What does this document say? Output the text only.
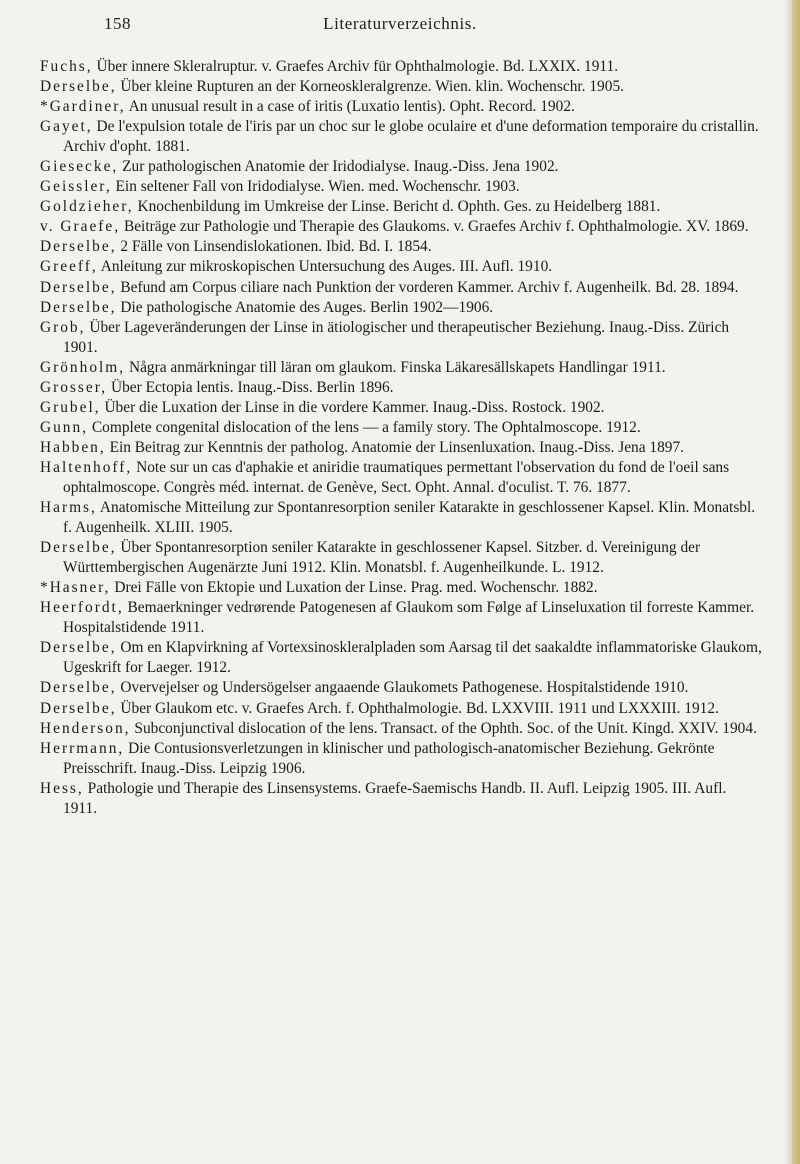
158	Literaturverzeichnis.
Fuchs, Über innere Skleralruptur. v. Graefes Archiv für Ophthalmologie. Bd. LXXIX. 1911.
Derselbe, Über kleine Rupturen an der Korneoskleralgrenze. Wien. klin. Wochenschr. 1905.
*Gardiner, An unusual result in a case of iritis (Luxatio lentis). Opht. Record. 1902.
Gayet, De l'expulsion totale de l'iris par un choc sur le globe oculaire et d'une deformation temporaire du cristallin. Archiv d'opht. 1881.
Giesecke, Zur pathologischen Anatomie der Iridodialyse. Inaug.-Diss. Jena 1902.
Geissler, Ein seltener Fall von Iridodialyse. Wien. med. Wochenschr. 1903.
Goldzieher, Knochenbildung im Umkreise der Linse. Bericht d. Ophth. Ges. zu Heidelberg 1881.
v. Graefe, Beiträge zur Pathologie und Therapie des Glaukoms. v. Graefes Archiv f. Ophthalmologie. XV. 1869.
Derselbe, 2 Fälle von Linsendislokationen. Ibid. Bd. I. 1854.
Greeff, Anleitung zur mikroskopischen Untersuchung des Auges. III. Aufl. 1910.
Derselbe, Befund am Corpus ciliare nach Punktion der vorderen Kammer. Archiv f. Augenheilk. Bd. 28. 1894.
Derselbe, Die pathologische Anatomie des Auges. Berlin 1902—1906.
Grob, Über Lageveränderungen der Linse in ätiologischer und therapeutischer Beziehung. Inaug.-Diss. Zürich 1901.
Grönholm, Några anmärkningar till läran om glaukom. Finska Läkaresällskapets Handlingar 1911.
Grosser, Über Ectopia lentis. Inaug.-Diss. Berlin 1896.
Grubel, Über die Luxation der Linse in die vordere Kammer. Inaug.-Diss. Rostock. 1902.
Gunn, Complete congenital dislocation of the lens — a family story. The Ophtalmoscope. 1912.
Habben, Ein Beitrag zur Kenntnis der patholog. Anatomie der Linsenluxation. Inaug.-Diss. Jena 1897.
Haltenhoff, Note sur un cas d'aphakie et aniridie traumatiques permettant l'observation du fond de l'oeil sans ophtalmoscope. Congrès méd. internat. de Genève, Sect. Opht. Annal. d'oculist. T. 76. 1877.
Harms, Anatomische Mitteilung zur Spontanresorption seniler Katarakte in geschlossener Kapsel. Klin. Monatsbl. f. Augenheilk. XLIII. 1905.
Derselbe, Über Spontanresorption seniler Katarakte in geschlossener Kapsel. Sitzber. d. Vereinigung der Württembergischen Augenärzte Juni 1912. Klin. Monatsbl. f. Augenheilkunde. L. 1912.
*Hasner, Drei Fälle von Ektopie und Luxation der Linse. Prag. med. Wochenschr. 1882.
Heerfordt, Bemaerkninger vedrørende Patogenesen af Glaukom som Følge af Linseluxation til forreste Kammer. Hospitalstidende 1911.
Derselbe, Om en Klapvirkning af Vortexsinoskleralpladen som Aarsag til det saakaldte inflammatoriske Glaukom, Ugeskrift for Laeger. 1912.
Derselbe, Overvejelser og Undersögelser angaaende Glaukomets Pathogenese. Hospitalstidende 1910.
Derselbe, Über Glaukom etc. v. Graefes Arch. f. Ophthalmologie. Bd. LXXVIII. 1911 und LXXXIII. 1912.
Henderson, Subconjunctival dislocation of the lens. Transact. of the Ophth. Soc. of the Unit. Kingd. XXIV. 1904.
Herrmann, Die Contusionsverletzungen in klinischer und pathologisch-anatomischer Beziehung. Gekrönte Preisschrift. Inaug.-Diss. Leipzig 1906.
Hess, Pathologie und Therapie des Linsensystems. Graefe-Saemischs Handb. II. Aufl. Leipzig 1905. III. Aufl. 1911.
